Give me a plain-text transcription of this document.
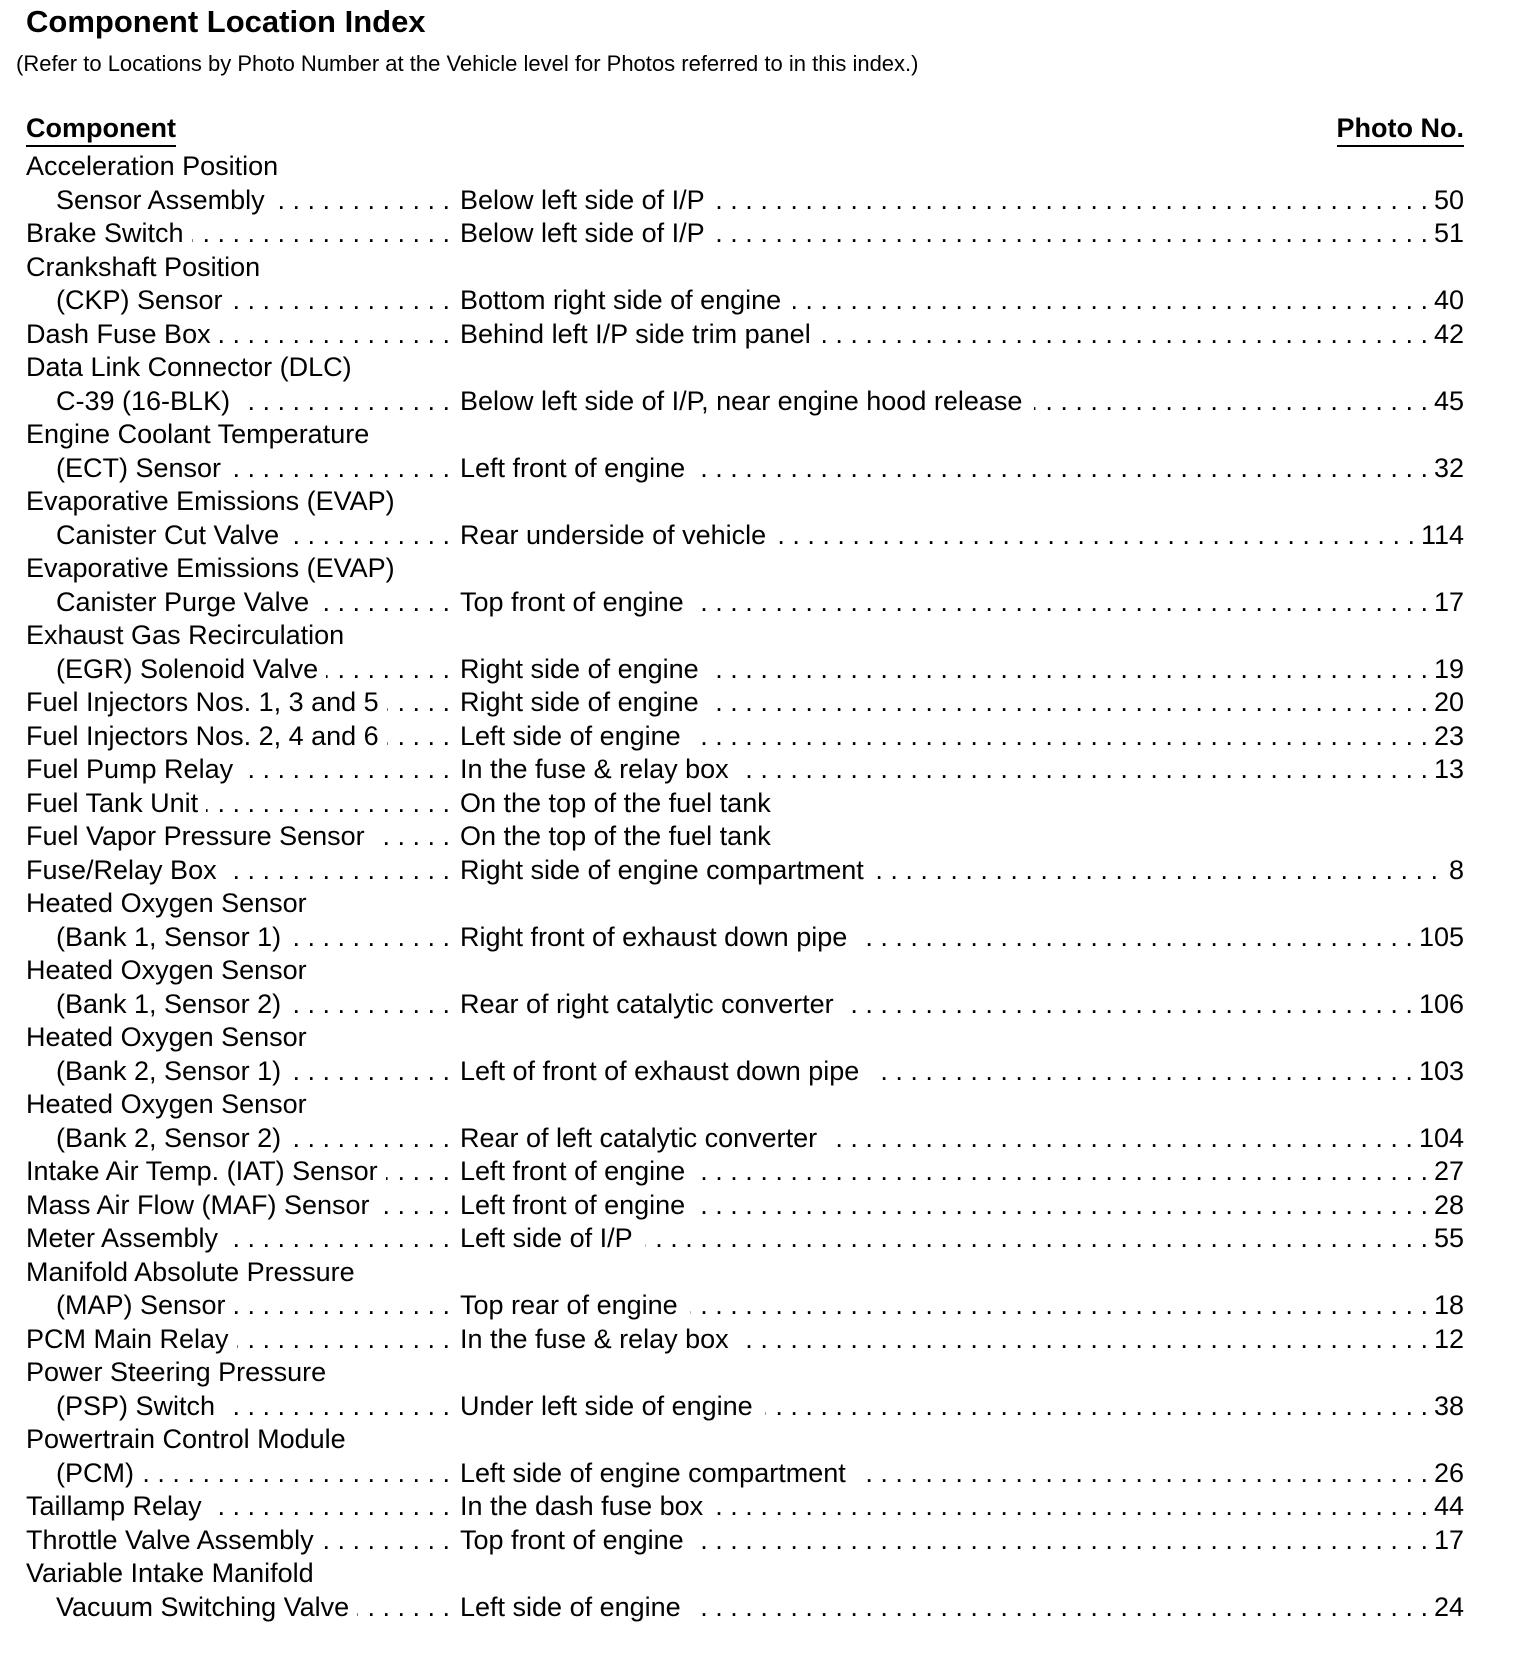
Component Location Index
(Refer to Locations by Photo Number at the Vehicle level for Photos referred to in this index.)
Component	Photo No.
Acceleration Position
Sensor Assembly . . .	Below left side of I/P . . .	50
Brake Switch . . .	Below left side of I/P . . .	51
Crankshaft Position
(CKP) Sensor . . .	Bottom right side of engine . . .	40
Dash Fuse Box . . .	Behind left I/P side trim panel . . .	42
Data Link Connector (DLC)
C-39 (16-BLK) . . .	Below left side of I/P, near engine hood release . . .	45
Engine Coolant Temperature
(ECT) Sensor . . .	Left front of engine . . .	32
Evaporative Emissions (EVAP)
Canister Cut Valve . . .	Rear underside of vehicle . . .	114
Evaporative Emissions (EVAP)
Canister Purge Valve . . .	Top front of engine . . .	17
Exhaust Gas Recirculation
(EGR) Solenoid Valve . . .	Right side of engine . . .	19
Fuel Injectors Nos. 1, 3 and 5 . . .	Right side of engine . . .	20
Fuel Injectors Nos. 2, 4 and 6 . . .	Left side of engine . . .	23
Fuel Pump Relay . . .	In the fuse & relay box . . .	13
Fuel Tank Unit . . .	On the top of the fuel tank
Fuel Vapor Pressure Sensor . . .	On the top of the fuel tank
Fuse/Relay Box . . .	Right side of engine compartment . . .	8
Heated Oxygen Sensor
(Bank 1, Sensor 1) . . .	Right front of exhaust down pipe . . .	105
Heated Oxygen Sensor
(Bank 1, Sensor 2) . . .	Rear of right catalytic converter . . .	106
Heated Oxygen Sensor
(Bank 2, Sensor 1) . . .	Left of front of exhaust down pipe . . .	103
Heated Oxygen Sensor
(Bank 2, Sensor 2) . . .	Rear of left catalytic converter . . .	104
Intake Air Temp. (IAT) Sensor . . .	Left front of engine . . .	27
Mass Air Flow (MAF) Sensor . . .	Left front of engine . . .	28
Meter Assembly . . .	Left side of I/P . . .	55
Manifold Absolute Pressure
(MAP) Sensor . . .	Top rear of engine . . .	18
PCM Main Relay . . .	In the fuse & relay box . . .	12
Power Steering Pressure
(PSP) Switch . . .	Under left side of engine . . .	38
Powertrain Control Module
(PCM) . . .	Left side of engine compartment . . .	26
Taillamp Relay . . .	In the dash fuse box . . .	44
Throttle Valve Assembly . . .	Top front of engine . . .	17
Variable Intake Manifold
Vacuum Switching Valve . . .	Left side of engine . . .	24
